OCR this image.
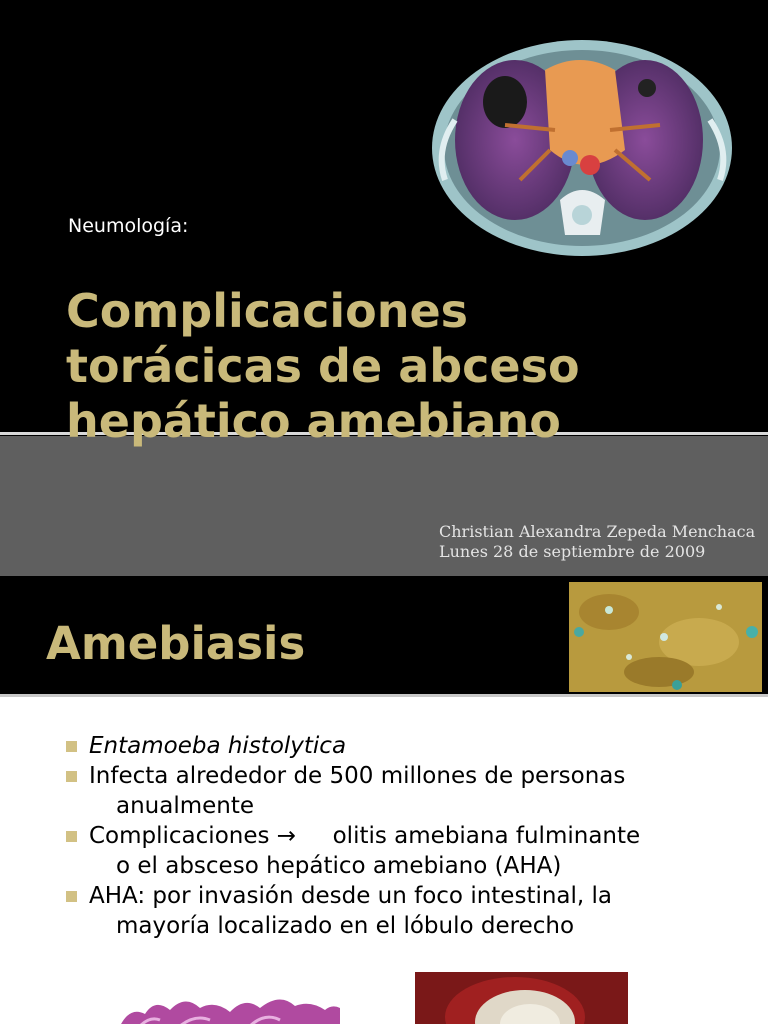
Neumología:
Complicaciones
torácicas de abceso
hepático amebiano
Christian Alexandra Zepeda Menchaca
Lunes 28 de septiembre de 2009
Amebiasis
Entamoeba histolytica
Infecta alrededor de 500 millones de personas
anualmente
Complicaciones →     olitis amebiana fulminante
o el absceso hepático amebiano (AHA)
AHA: por invasión desde un foco intestinal, la
mayoría localizado en el lóbulo derecho
